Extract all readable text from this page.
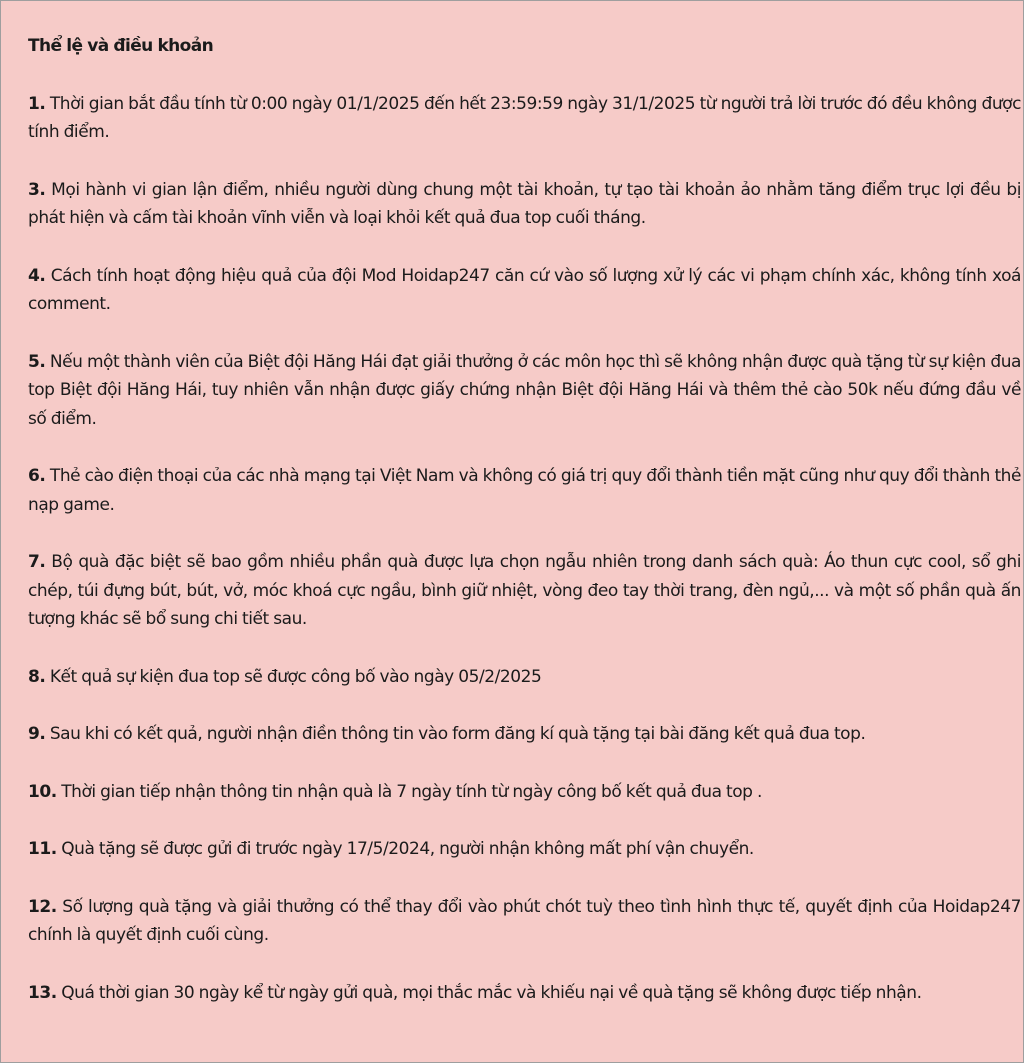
Thể lệ và điều khoản
1. Thời gian bắt đầu tính từ 0:00 ngày 01/1/2025 đến hết 23:59:59 ngày 31/1/2025 từ người trả lời trước đó đều không được tính điểm.
3. Mọi hành vi gian lận điểm, nhiều người dùng chung một tài khoản, tự tạo tài khoản ảo nhằm tăng điểm trục lợi đều bị phát hiện và cấm tài khoản vĩnh viễn và loại khỏi kết quả đua top cuối tháng.
4. Cách tính hoạt động hiệu quả của đội Mod Hoidap247 căn cứ vào số lượng xử lý các vi phạm chính xác, không tính xoá comment.
5. Nếu một thành viên của Biệt đội Hăng Hái đạt giải thưởng ở các môn học thì sẽ không nhận được quà tặng từ sự kiện đua top Biệt đội Hăng Hái, tuy nhiên vẫn nhận được giấy chứng nhận Biệt đội Hăng Hái và thêm thẻ cào 50k nếu đứng đầu về số điểm.
6. Thẻ cào điện thoại của các nhà mạng tại Việt Nam và không có giá trị quy đổi thành tiền mặt cũng như quy đổi thành thẻ nạp game.
7. Bộ quà đặc biệt sẽ bao gồm nhiều phần quà được lựa chọn ngẫu nhiên trong danh sách quà: Áo thun cực cool, sổ ghi chép, túi đựng bút, bút, vở, móc khoá cực ngầu, bình giữ nhiệt, vòng đeo tay thời trang, đèn ngủ,... và một số phần quà ấn tượng khác sẽ bổ sung chi tiết sau.
8. Kết quả sự kiện đua top sẽ được công bố vào ngày 05/2/2025
9. Sau khi có kết quả, người nhận điền thông tin vào form đăng kí quà tặng tại bài đăng kết quả đua top.
10. Thời gian tiếp nhận thông tin nhận quà là 7 ngày tính từ ngày công bố kết quả đua top .
11. Quà tặng sẽ được gửi đi trước ngày 17/5/2024, người nhận không mất phí vận chuyển.
12. Số lượng quà tặng và giải thưởng có thể thay đổi vào phút chót tuỳ theo tình hình thực tế, quyết định của Hoidap247 chính là quyết định cuối cùng.
13. Quá thời gian 30 ngày kể từ ngày gửi quà, mọi thắc mắc và khiếu nại về quà tặng sẽ không được tiếp nhận.
